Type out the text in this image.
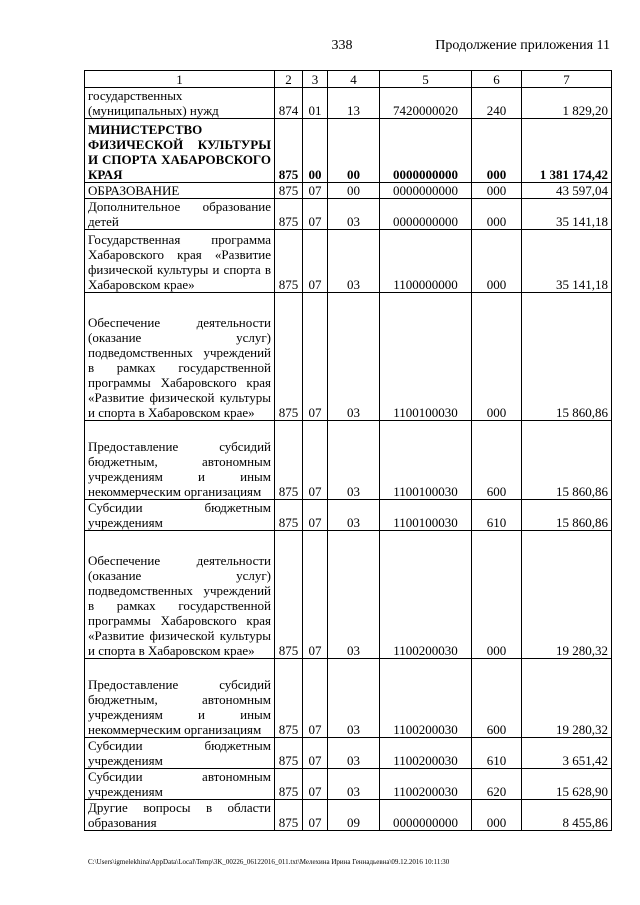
338	Продолжение приложения 11
1	2	3	4	5	6	7
государственных (муниципальных) нужд	874	01	13	7420000020	240	1 829,20
МИНИСТЕРСТВО ФИЗИЧЕСКОЙ КУЛЬТУРЫ И СПОРТА ХАБАРОВСКОГО КРАЯ	875	00	00	0000000000	000	1 381 174,42
ОБРАЗОВАНИЕ	875	07	00	0000000000	000	43 597,04
Дополнительное образование детей	875	07	03	0000000000	000	35 141,18
Государственная программа Хабаровского края «Развитие физической культуры и спорта в Хабаровском крае»	875	07	03	1100000000	000	35 141,18
Обеспечение деятельности (оказание услуг) подведомственных учреждений в рамках государственной программы Хабаровского края «Развитие физической культуры и спорта в Хабаровском крае»	875	07	03	1100100030	000	15 860,86
Предоставление субсидий бюджетным, автономным учреждениям и иным некоммерческим организациям	875	07	03	1100100030	600	15 860,86
Субсидии бюджетным учреждениям	875	07	03	1100100030	610	15 860,86
Обеспечение деятельности (оказание услуг) подведомственных учреждений в рамках государственной программы Хабаровского края «Развитие физической культуры и спорта в Хабаровском крае»	875	07	03	1100200030	000	19 280,32
Предоставление субсидий бюджетным, автономным учреждениям и иным некоммерческим организациям	875	07	03	1100200030	600	19 280,32
Субсидии бюджетным учреждениям	875	07	03	1100200030	610	3 651,42
Субсидии автономным учреждениям	875	07	03	1100200030	620	15 628,90
Другие вопросы в области образования	875	07	09	0000000000	000	8 455,86
C:\Users\igmelekhina\AppData\Local\Temp\3K_00226_06122016_011.txt\Мелехина Ирина Геннадьевна\09.12.2016 10:11:30
